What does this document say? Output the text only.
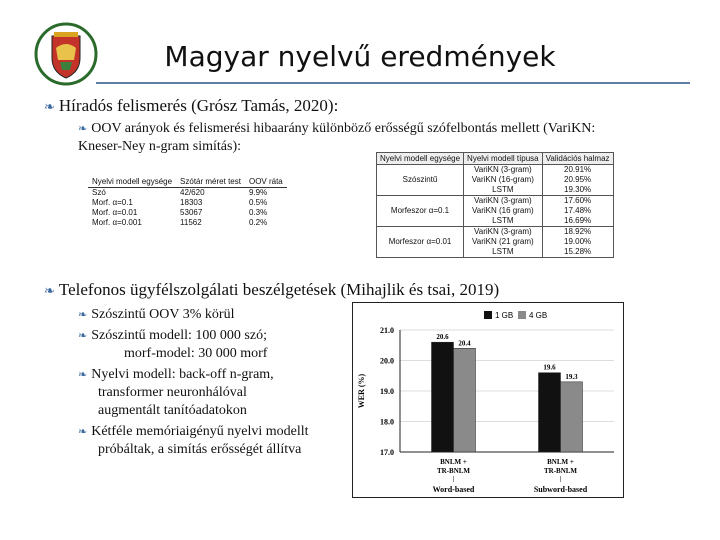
Magyar nyelvű eredmények
❧ Híradós felismerés (Grósz Tamás, 2020):
❧ OOV arányok és felismerési hibaarány különböző erősségű szófelbontás mellett (VariKN: Kneser-Ney n-gram simítás):
Nyelvi modell egysége	Szótár méret test	OOV ráta
Szó	42/620	9.9%
Morf. α=0.1	18303	0.5%
Morf. α=0.01	53067	0.3%
Morf. α=0.001	11562	0.2%
Nyelvi modell egysége	Nyelvi modell típusa	Validációs halmaz
Szószintű	VariKN (3-gram)	20.91%
	VariKN (16-gram)	20.95%
	LSTM	19.30%
Morfeszor α=0.1	VariKN (3-gram)	17.60%
	VariKN (16 gram)	17.48%
	LSTM	16.69%
Morfeszor α=0.01	VariKN (3-gram)	18.92%
	VariKN (21 gram)	19.00%
	LSTM	15.28%
❧ Telefonos ügyfélszolgálati beszélgetések (Mihajlik és tsai, 2019)
❧ Szószintű OOV 3% körül
❧ Szószintű modell: 100 000 szó;
morf-model: 30 000 morf
❧ Nyelvi modell: back-off n-gram,
transformer neuronhálóval
augmentált tanítóadatokon
❧ Kétféle memóriaigényű nyelvi modellt
próbáltak, a simítás erősségét állítva	17.0
18.0
19.0
20.0
21.0
WER (%)
1 GB 4 GB
20.6
20.4
BNLM +
TR-BNLM
Word-based
19.6
19.3
BNLM +
TR-BNLM
Subword-based
